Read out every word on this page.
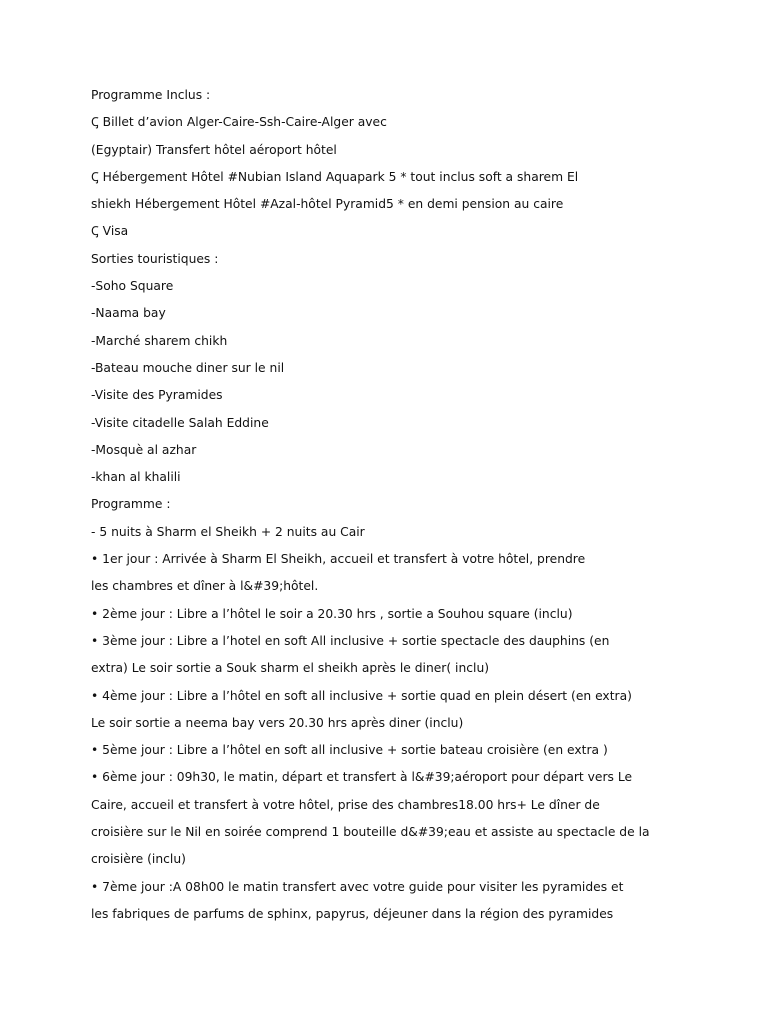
Programme Inclus :
Ꞔ Billet d’avion Alger-Caire-Ssh-Caire-Alger avec
(Egyptair) Transfert hôtel aéroport hôtel
Ꞔ Hébergement Hôtel #Nubian Island Aquapark 5 * tout inclus soft a sharem El
shiekh Hébergement Hôtel #Azal-hôtel Pyramid5 * en demi pension au caire
Ꞔ Visa
Sorties touristiques :
-Soho Square
-Naama bay
-Marché sharem chikh
-Bateau mouche diner sur le nil
-Visite des Pyramides
-Visite citadelle Salah Eddine
-Mosquè al azhar
-khan al khalili
Programme :
- 5 nuits à Sharm el Sheikh + 2 nuits au Cair
• 1er jour : Arrivée à Sharm El Sheikh, accueil et transfert à votre hôtel, prendre
les chambres et dîner à l&#39;hôtel.
• 2ème jour : Libre a l’hôtel le soir a 20.30 hrs , sortie a Souhou square (inclu)
• 3ème jour : Libre a l’hotel en soft All inclusive + sortie spectacle des dauphins (en
extra) Le soir sortie a Souk sharm el sheikh après le diner( inclu)
• 4ème jour : Libre a l’hôtel en soft all inclusive + sortie quad en plein désert (en extra)
Le soir sortie a neema bay vers 20.30 hrs après diner (inclu)
• 5ème jour : Libre a l’hôtel en soft all inclusive + sortie bateau croisière (en extra )
• 6ème jour : 09h30, le matin, départ et transfert à l&#39;aéroport pour départ vers Le
Caire, accueil et transfert à votre hôtel, prise des chambres18.00 hrs+ Le dîner de
croisière sur le Nil en soirée comprend 1 bouteille d&#39;eau et assiste au spectacle de la
croisière (inclu)
• 7ème jour :A 08h00 le matin transfert avec votre guide pour visiter les pyramides et
les fabriques de parfums de sphinx, papyrus, déjeuner dans la région des pyramides
